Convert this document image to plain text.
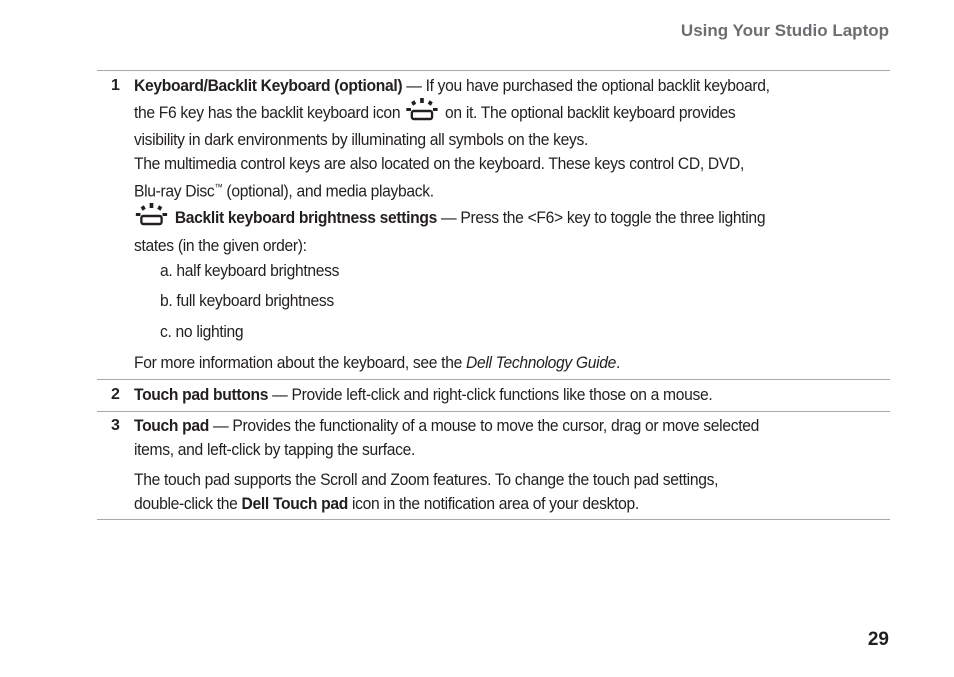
Using Your Studio Laptop
1 Keyboard/Backlit Keyboard (optional) — If you have purchased the optional backlit keyboard,
the F6 key has the backlit keyboard icon  on it. The optional backlit keyboard provides
visibility in dark environments by illuminating all symbols on the keys.
The multimedia control keys are also located on the keyboard. These keys control CD, DVD,
Blu-ray Disc™ (optional), and media playback.
Backlit keyboard brightness settings — Press the <F6> key to toggle the three lighting
states (in the given order):
a. half keyboard brightness
b. full keyboard brightness
c. no lighting
For more information about the keyboard, see the Dell Technology Guide.
2 Touch pad buttons — Provide left-click and right-click functions like those on a mouse.
3 Touch pad — Provides the functionality of a mouse to move the cursor, drag or move selected
items, and left-click by tapping the surface.
The touch pad supports the Scroll and Zoom features. To change the touch pad settings,
double-click the Dell Touch pad icon in the notification area of your desktop.
29
